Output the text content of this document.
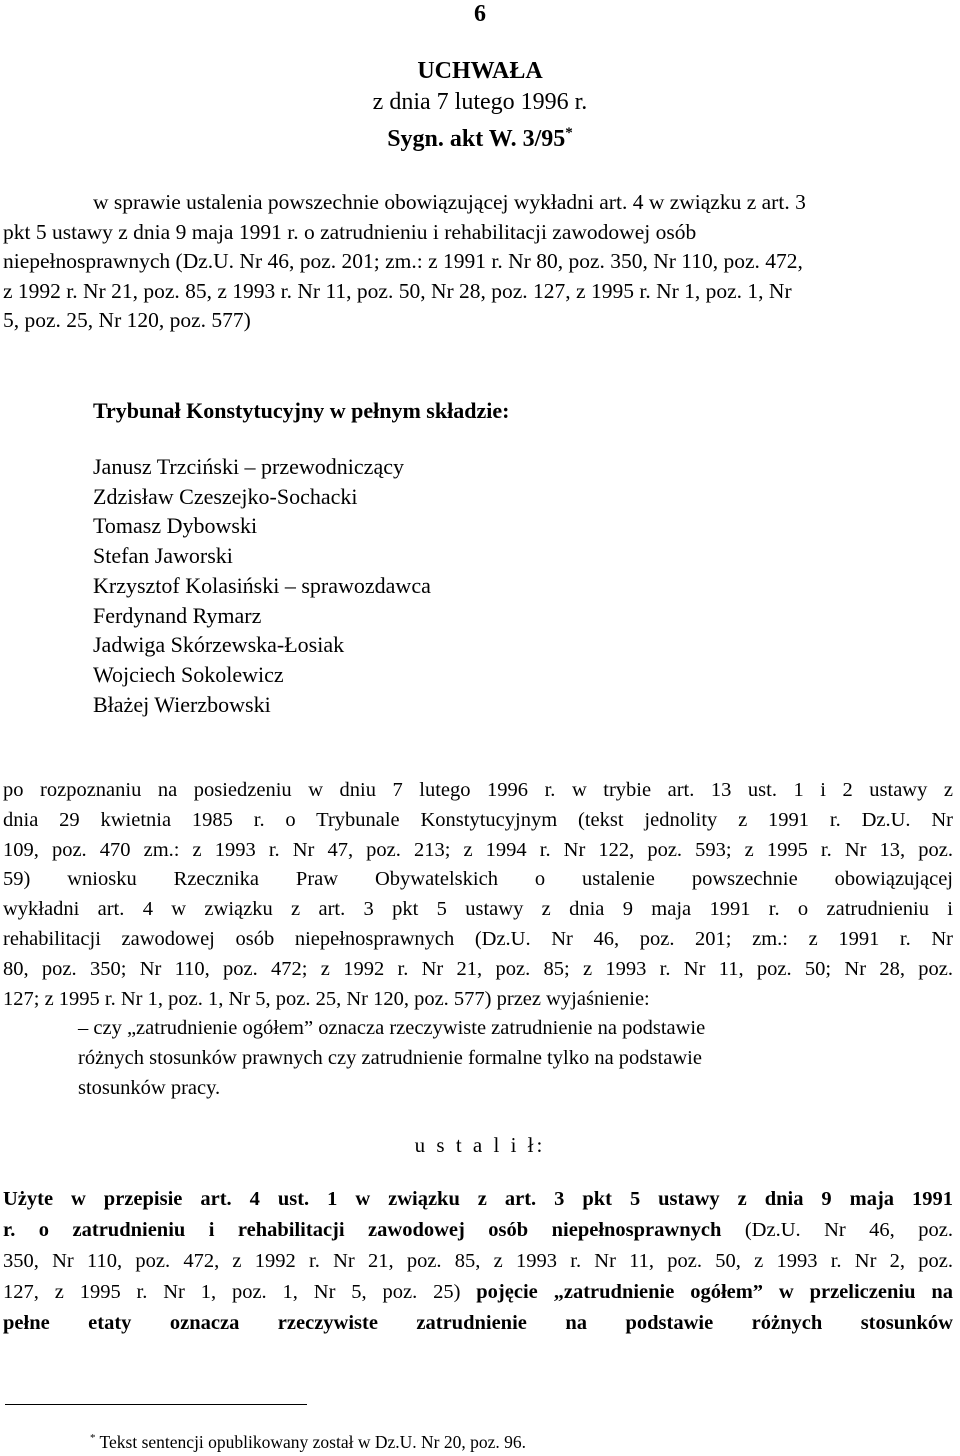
6
UCHWAŁA
z dnia 7 lutego 1996 r.
Sygn. akt W. 3/95*
w sprawie ustalenia powszechnie obowiązującej wykładni art. 4 w związku z art. 3
pkt 5 ustawy z dnia 9 maja 1991 r. o zatrudnieniu i rehabilitacji zawodowej osób
niepełnosprawnych (Dz.U. Nr 46, poz. 201; zm.: z 1991 r. Nr 80, poz. 350, Nr 110, poz. 472,
z 1992 r. Nr 21, poz. 85, z 1993 r. Nr 11, poz. 50, Nr 28, poz. 127, z 1995 r. Nr 1, poz. 1, Nr
5, poz. 25, Nr 120, poz. 577)
Trybunał Konstytucyjny w pełnym składzie:
Janusz Trzciński – przewodniczący
Zdzisław Czeszejko-Sochacki
Tomasz Dybowski
Stefan Jaworski
Krzysztof Kolasiński – sprawozdawca
Ferdynand Rymarz
Jadwiga Skórzewska-Łosiak
Wojciech Sokolewicz
Błażej Wierzbowski
po rozpoznaniu na posiedzeniu w dniu 7 lutego 1996 r. w trybie art. 13 ust. 1 i 2 ustawy z
dnia 29 kwietnia 1985 r. o Trybunale Konstytucyjnym (tekst jednolity z 1991 r. Dz.U. Nr
109, poz. 470 zm.: z 1993 r. Nr 47, poz. 213; z 1994 r. Nr 122, poz. 593; z 1995 r. Nr 13, poz.
59) wniosku Rzecznika Praw Obywatelskich o ustalenie powszechnie obowiązującej
wykładni art. 4 w związku z art. 3 pkt 5 ustawy z dnia 9 maja 1991 r. o zatrudnieniu i
rehabilitacji zawodowej osób niepełnosprawnych (Dz.U. Nr 46, poz. 201; zm.: z 1991 r. Nr
80, poz. 350; Nr 110, poz. 472; z 1992 r. Nr 21, poz. 85; z 1993 r. Nr 11, poz. 50; Nr 28, poz.
127; z 1995 r. Nr 1, poz. 1, Nr 5, poz. 25, Nr 120, poz. 577) przez wyjaśnienie:
– czy „zatrudnienie ogółem” oznacza rzeczywiste zatrudnienie na podstawie
różnych stosunków prawnych czy zatrudnienie formalne tylko na podstawie
stosunków pracy.
u s t a l i ł:
Użyte w przepisie art. 4 ust. 1 w związku z art. 3 pkt 5 ustawy z dnia 9 maja 1991
r. o zatrudnieniu i rehabilitacji zawodowej osób niepełnosprawnych (Dz.U. Nr 46, poz.
350, Nr 110, poz. 472, z 1992 r. Nr 21, poz. 85, z 1993 r. Nr 11, poz. 50, z 1993 r. Nr 2, poz.
127, z 1995 r. Nr 1, poz. 1, Nr 5, poz. 25) pojęcie „zatrudnienie ogółem” w przeliczeniu na
pełne etaty oznacza rzeczywiste zatrudnienie na podstawie różnych stosunków
* Tekst sentencji opublikowany został w Dz.U. Nr 20, poz. 96.
